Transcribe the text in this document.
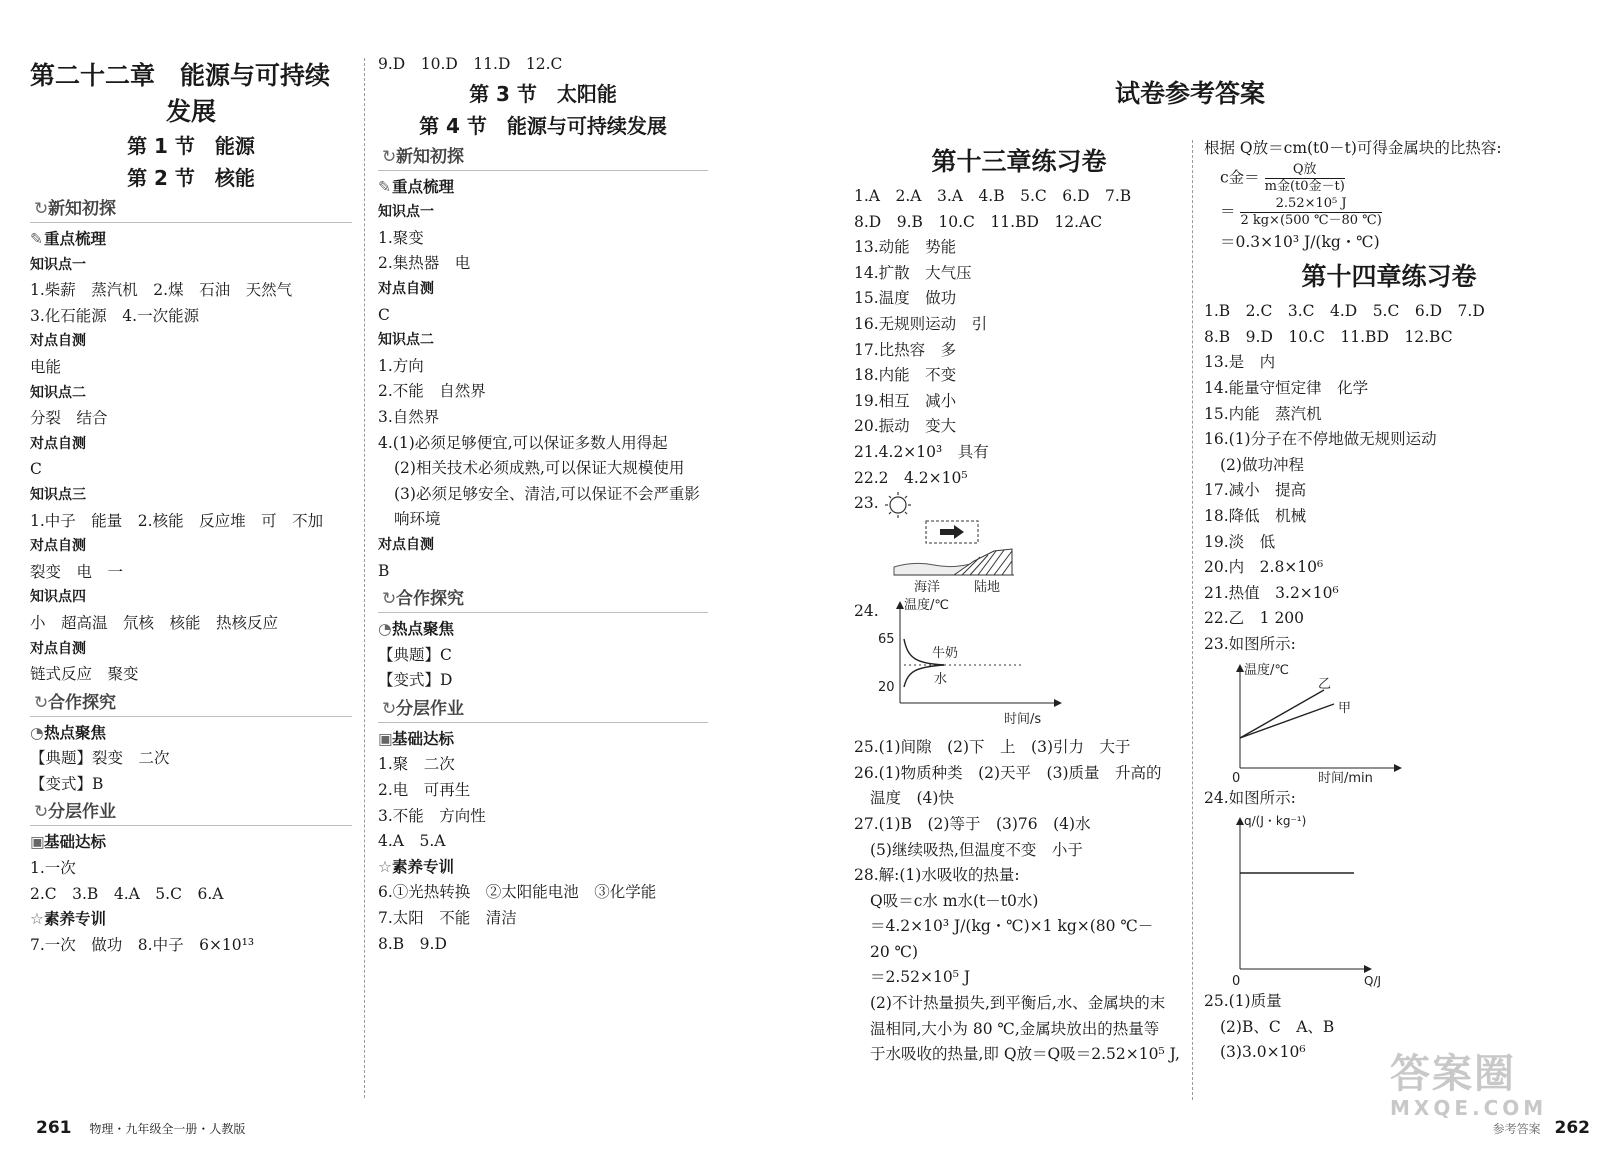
第二十二章　能源与可持续
发展
第 1 节　能源
第 2 节　核能
↻新知初探
✎重点梳理
知识点一
1.柴薪　蒸汽机　2.煤　石油　天然气
3.化石能源　4.一次能源
对点自测
电能
知识点二
分裂　结合
对点自测
C
知识点三
1.中子　能量　2.核能　反应堆　可　不加
对点自测
裂变　电　一
知识点四
小　超高温　氘核　核能　热核反应
对点自测
链式反应　聚变
↻合作探究
◔热点聚焦
【典题】裂变　二次
【变式】B
↻分层作业
▣基础达标
1.一次
2.C　3.B　4.A　5.C　6.A
☆素养专训
7.一次　做功　8.中子　6×10¹³
9.D　10.D　11.D　12.C
第 3 节　太阳能
第 4 节　能源与可持续发展
↻新知初探
✎重点梳理
知识点一
1.聚变
2.集热器　电
对点自测
C
知识点二
1.方向
2.不能　自然界
3.自然界
4.(1)必须足够便宜,可以保证多数人用得起
(2)相关技术必须成熟,可以保证大规模使用
(3)必须足够安全、清洁,可以保证不会严重影
响环境
对点自测
B
↻合作探究
◔热点聚焦
【典题】C
【变式】D
↻分层作业
▣基础达标
1.聚　二次
2.电　可再生
3.不能　方向性
4.A　5.A
☆素养专训
6.①光热转换　②太阳能电池　③化学能
7.太阳　不能　清洁
8.B　9.D
261 物理・九年级全一册・人教版
试卷参考答案
第十三章练习卷
1.A　2.A　3.A　4.B　5.C　6.D　7.B
8.D　9.B　10.C　11.BD　12.AC
13.动能　势能
14.扩散　大气压
15.温度　做功
16.无规则运动　引
17.比热容　多
18.内能　不变
19.相互　减小
20.振动　变大
21.4.2×10³　具有
22.2　4.2×10⁵
23.
海洋	陆地
24. 温度/℃
时间/s
65
20
牛奶
水
25.(1)间隙　(2)下　上　(3)引力　大于
26.(1)物质种类　(2)天平　(3)质量　升高的
温度　(4)快
27.(1)B　(2)等于　(3)76　(4)水
(5)继续吸热,但温度不变　小于
28.解:(1)水吸收的热量:
Q吸＝c水 m水(t－t0水)
＝4.2×10³ J/(kg・℃)×1 kg×(80 ℃－
20 ℃)
＝2.52×10⁵ J
(2)不计热量损失,到平衡后,水、金属块的末
温相同,大小为 80 ℃,金属块放出的热量等
于水吸收的热量,即 Q放＝Q吸＝2.52×10⁵ J,
根据 Q放＝cm(t0－t)可得金属块的比热容:
c金＝ $\frac{\text{Q放}}{\text{m金(t0金－t)}}$
＝ $\frac{\text{2.52×10⁵ J}}{2 kg\times(500 ℃-80 ℃)}$
＝0.3×10³ J/(kg・℃)
第十四章练习卷
1.B　2.C　3.C　4.D　5.C　6.D　7.D
8.B　9.D　10.C　11.BD　12.BC
13.是　内
14.能量守恒定律　化学
15.内能　蒸汽机
16.(1)分子在不停地做无规则运动
(2)做功冲程
17.减小　提高
18.降低　机械
19.淡　低
20.内　2.8×10⁶
21.热值　3.2×10⁶
22.乙　1 200
23.如图所示:
温度/℃
时间/min
0
乙
甲
24.如图所示:
q/(J・kg⁻¹)
Q/J
0
25.(1)质量
(2)B、C　A、B
(3)3.0×10⁶
参考答案 262
答案圈
MXQE.COM
